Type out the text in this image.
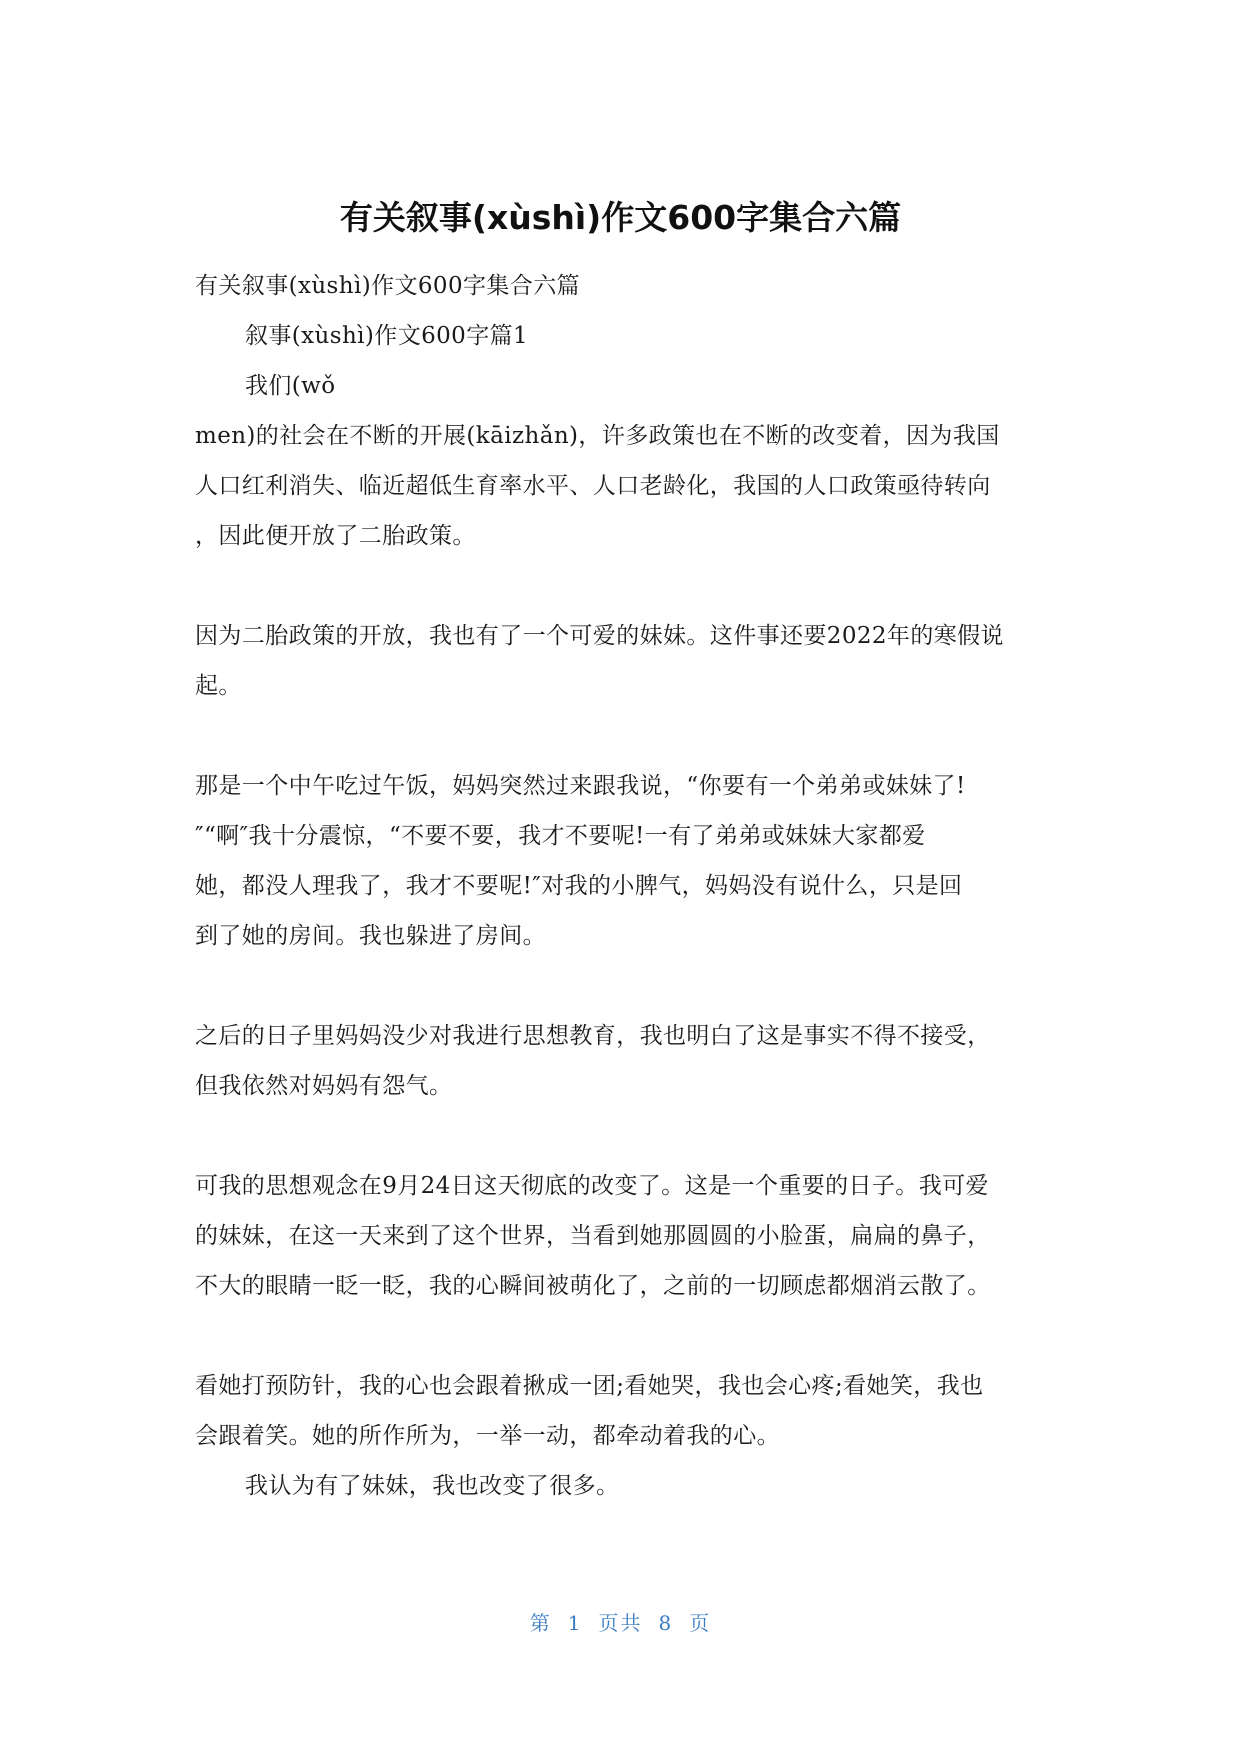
有关叙事(xùshì)作文600字集合六篇
有关叙事(xùshì)作文600字集合六篇
叙事(xùshì)作文600字篇1
我们(wǒ
men)的社会在不断的开展(kāizhǎn)，许多政策也在不断的改变着，因为我国
人口红利消失、临近超低生育率水平、人口老龄化，我国的人口政策亟待转向
，因此便开放了二胎政策。
因为二胎政策的开放，我也有了一个可爱的妹妹。这件事还要2022年的寒假说
起。
那是一个中午吃过午饭，妈妈突然过来跟我说，“你要有一个弟弟或妹妹了!
″“啊″我十分震惊，“不要不要，我才不要呢!一有了弟弟或妹妹大家都爱
她，都没人理我了，我才不要呢!″对我的小脾气，妈妈没有说什么，只是回
到了她的房间。我也躲进了房间。
之后的日子里妈妈没少对我进行思想教育，我也明白了这是事实不得不接受，
但我依然对妈妈有怨气。
可我的思想观念在9月24日这天彻底的改变了。这是一个重要的日子。我可爱
的妹妹，在这一天来到了这个世界，当看到她那圆圆的小脸蛋，扁扁的鼻子，
不大的眼睛一眨一眨，我的心瞬间被萌化了，之前的一切顾虑都烟消云散了。
看她打预防针，我的心也会跟着揪成一团;看她哭，我也会心疼;看她笑，我也
会跟着笑。她的所作所为，一举一动，都牵动着我的心。
我认为有了妹妹，我也改变了很多。
第 1 页共 8 页
